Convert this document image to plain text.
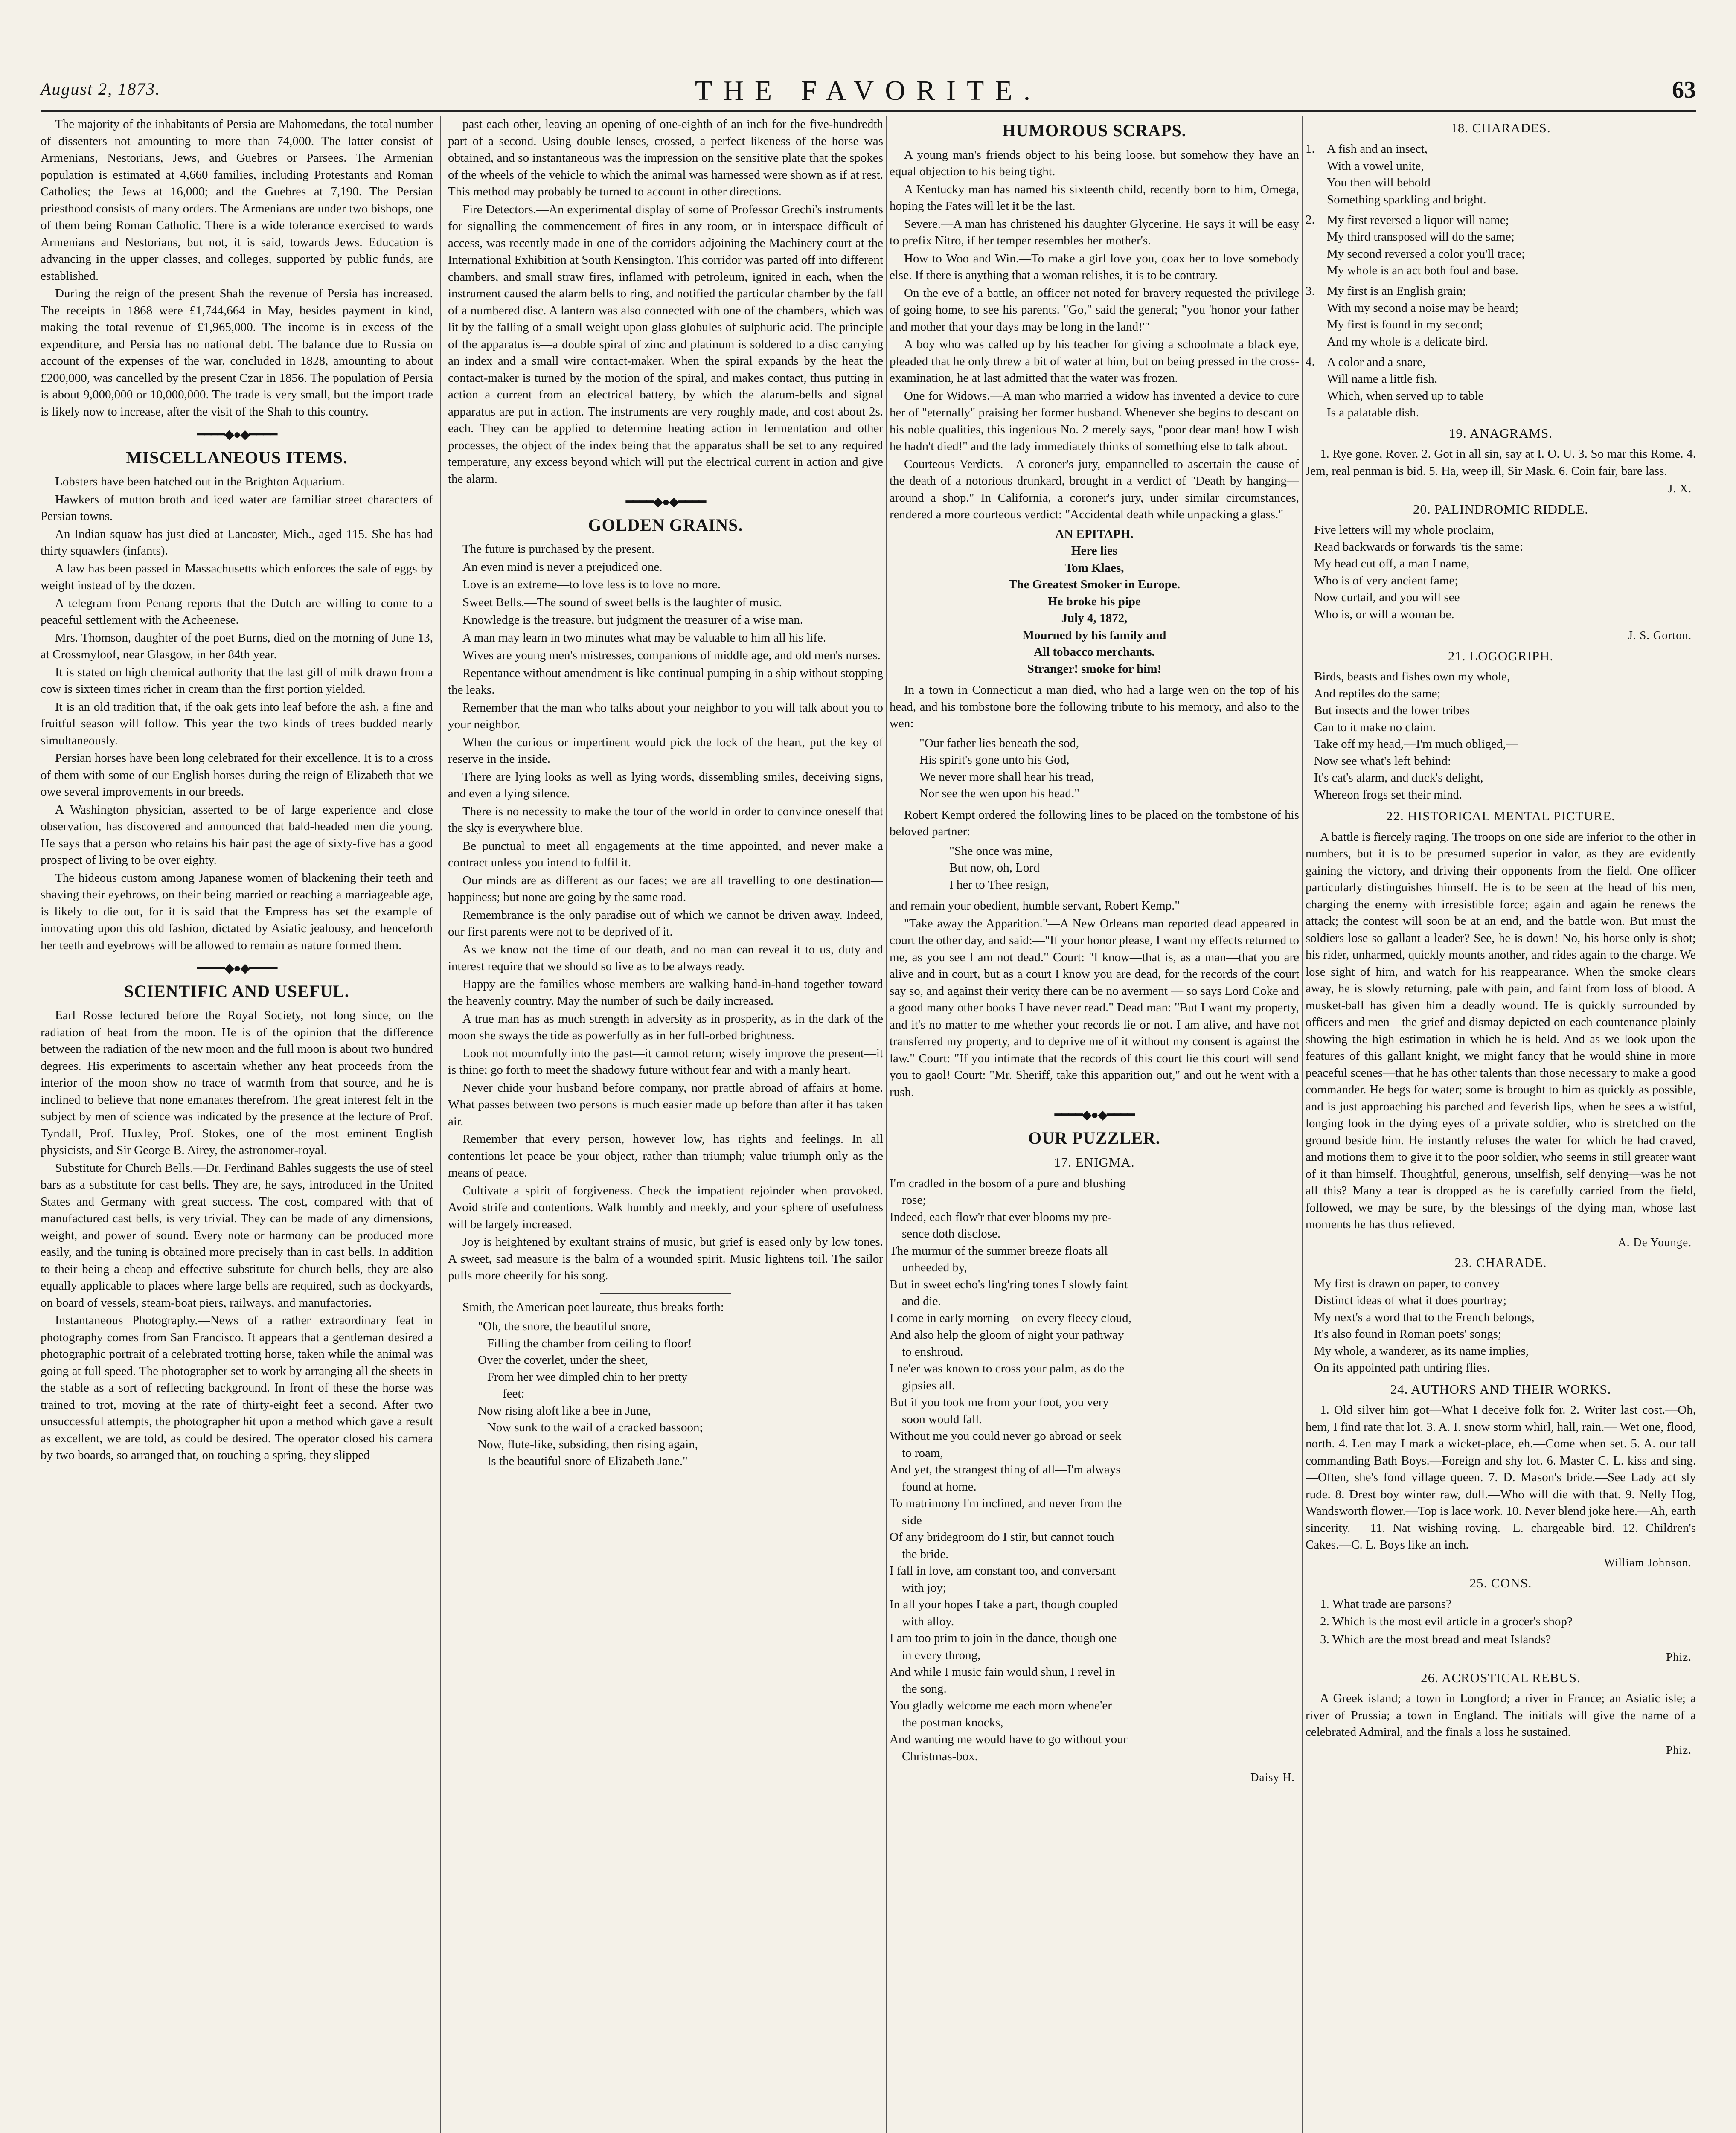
August 2, 1873.	THE FAVORITE.	63

The majority of the inhabitants of Persia are Mahomedans, the total number of dissenters not amounting to more than 74,000. The latter consist of Armenians, Nestorians, Jews, and Guebres or Parsees. The Armenian population is estimated at 4,660 families, including Protestants and Roman Catholics; the Jews at 16,000; and the Guebres at 7,190. The Persian priesthood consists of many orders. The Armenians are under two bishops, one of them being Roman Catholic. There is a wide tolerance exercised to wards Armenians and Nestorians, but not, it is said, towards Jews. Education is advancing in the upper classes, and colleges, supported by public funds, are established.

During the reign of the present Shah the revenue of Persia has increased. The receipts in 1868 were £1,744,664 in May, besides payment in kind, making the total revenue of £1,965,000. The income is in excess of the expenditure, and Persia has no national debt. The balance due to Russia on account of the expenses of the war, concluded in 1828, amounting to about £200,000, was cancelled by the present Czar in 1856. The population of Persia is about 9,000,000 or 10,000,000. The trade is very small, but the import trade is likely now to increase, after the visit of the Shah to this country.

━━━━◆●◆━━━━
MISCELLANEOUS ITEMS.

Lobsters have been hatched out in the Brighton Aquarium.

Hawkers of mutton broth and iced water are familiar street characters of Persian towns.

An Indian squaw has just died at Lancaster, Mich., aged 115. She has had thirty squawlers (infants).

A law has been passed in Massachusetts which enforces the sale of eggs by weight instead of by the dozen.

A telegram from Penang reports that the Dutch are willing to come to a peaceful settlement with the Acheenese.

Mrs. Thomson, daughter of the poet Burns, died on the morning of June 13, at Crossmyloof, near Glasgow, in her 84th year.

It is stated on high chemical authority that the last gill of milk drawn from a cow is sixteen times richer in cream than the first portion yielded.

It is an old tradition that, if the oak gets into leaf before the ash, a fine and fruitful season will follow. This year the two kinds of trees budded nearly simultaneously.

Persian horses have been long celebrated for their excellence. It is to a cross of them with some of our English horses during the reign of Elizabeth that we owe several improvements in our breeds.

A Washington physician, asserted to be of large experience and close observation, has discovered and announced that bald-headed men die young. He says that a person who retains his hair past the age of sixty-five has a good prospect of living to be over eighty.

The hideous custom among Japanese women of blackening their teeth and shaving their eyebrows, on their being married or reaching a marriageable age, is likely to die out, for it is said that the Empress has set the example of innovating upon this old fashion, dictated by Asiatic jealousy, and henceforth her teeth and eyebrows will be allowed to remain as nature formed them.

━━━━◆●◆━━━━
SCIENTIFIC AND USEFUL.

Earl Rosse lectured before the Royal Society, not long since, on the radiation of heat from the moon. He is of the opinion that the difference between the radiation of the new moon and the full moon is about two hundred degrees. His experiments to ascertain whether any heat proceeds from the interior of the moon show no trace of warmth from that source, and he is inclined to believe that none emanates therefrom. The great interest felt in the subject by men of science was indicated by the presence at the lecture of Prof. Tyndall, Prof. Huxley, Prof. Stokes, one of the most eminent English physicists, and Sir George B. Airey, the astronomer-royal.

Substitute for Church Bells.—Dr. Ferdinand Bahles suggests the use of steel bars as a substitute for cast bells. They are, he says, introduced in the United States and Germany with great success. The cost, compared with that of manufactured cast bells, is very trivial. They can be made of any dimensions, weight, and power of sound. Every note or harmony can be produced more easily, and the tuning is obtained more precisely than in cast bells. In addition to their being a cheap and effective substitute for church bells, they are also equally applicable to places where large bells are required, such as dockyards, on board of vessels, steam-boat piers, railways, and manufactories.

Instantaneous Photography.—News of a rather extraordinary feat in photography comes from San Francisco. It appears that a gentleman desired a photographic portrait of a celebrated trotting horse, taken while the animal was going at full speed. The photographer set to work by arranging all the sheets in the stable as a sort of reflecting background. In front of these the horse was trained to trot, moving at the rate of thirty-eight feet a second. After two unsuccessful attempts, the photographer hit upon a method which gave a result as excellent, we are told, as could be desired. The operator closed his camera by two boards, so arranged that, on touching a spring, they slipped

past each other, leaving an opening of one-eighth of an inch for the five-hundredth part of a second. Using double lenses, crossed, a perfect likeness of the horse was obtained, and so instantaneous was the impression on the sensitive plate that the spokes of the wheels of the vehicle to which the animal was harnessed were shown as if at rest. This method may probably be turned to account in other directions.

Fire Detectors.—An experimental display of some of Professor Grechi's instruments for signalling the commencement of fires in any room, or in interspace difficult of access, was recently made in one of the corridors adjoining the Machinery court at the International Exhibition at South Kensington. This corridor was parted off into different chambers, and small straw fires, inflamed with petroleum, ignited in each, when the instrument caused the alarm bells to ring, and notified the particular chamber by the fall of a numbered disc. A lantern was also connected with one of the chambers, which was lit by the falling of a small weight upon glass globules of sulphuric acid. The principle of the apparatus is—a double spiral of zinc and platinum is soldered to a disc carrying an index and a small wire contact-maker. When the spiral expands by the heat the contact-maker is turned by the motion of the spiral, and makes contact, thus putting in action a current from an electrical battery, by which the alarum-bells and signal apparatus are put in action. The instruments are very roughly made, and cost about 2s. each. They can be applied to determine heating action in fermentation and other processes, the object of the index being that the apparatus shall be set to any required temperature, any excess beyond which will put the electrical current in action and give the alarm.

━━━━◆●◆━━━━
GOLDEN GRAINS.

The future is purchased by the present.

An even mind is never a prejudiced one.

Love is an extreme—to love less is to love no more.

Sweet Bells.—The sound of sweet bells is the laughter of music.

Knowledge is the treasure, but judgment the treasurer of a wise man.

A man may learn in two minutes what may be valuable to him all his life.

Wives are young men's mistresses, companions of middle age, and old men's nurses.

Repentance without amendment is like continual pumping in a ship without stopping the leaks.

Remember that the man who talks about your neighbor to you will talk about you to your neighbor.

When the curious or impertinent would pick the lock of the heart, put the key of reserve in the inside.

There are lying looks as well as lying words, dissembling smiles, deceiving signs, and even a lying silence.

There is no necessity to make the tour of the world in order to convince oneself that the sky is everywhere blue.

Be punctual to meet all engagements at the time appointed, and never make a contract unless you intend to fulfil it.

Our minds are as different as our faces; we are all travelling to one destination—happiness; but none are going by the same road.

Remembrance is the only paradise out of which we cannot be driven away. Indeed, our first parents were not to be deprived of it.

As we know not the time of our death, and no man can reveal it to us, duty and interest require that we should so live as to be always ready.

Happy are the families whose members are walking hand-in-hand together toward the heavenly country. May the number of such be daily increased.

A true man has as much strength in adversity as in prosperity, as in the dark of the moon she sways the tide as powerfully as in her full-orbed brightness.

Look not mournfully into the past—it cannot return; wisely improve the present—it is thine; go forth to meet the shadowy future without fear and with a manly heart.

Never chide your husband before company, nor prattle abroad of affairs at home. What passes between two persons is much easier made up before than after it has taken air.

Remember that every person, however low, has rights and feelings. In all contentions let peace be your object, rather than triumph; value triumph only as the means of peace.

Cultivate a spirit of forgiveness. Check the impatient rejoinder when provoked. Avoid strife and contentions. Walk humbly and meekly, and your sphere of usefulness will be largely increased.

Joy is heightened by exultant strains of music, but grief is eased only by low tones. A sweet, sad measure is the balm of a wounded spirit. Music lightens toil. The sailor pulls more cheerily for his song.

Smith, the American poet laureate, thus breaks forth:—

"Oh, the snore, the beautiful snore,
Filling the chamber from ceiling to floor!
Over the coverlet, under the sheet,
From her wee dimpled chin to her pretty
feet:
Now rising aloft like a bee in June,
Now sunk to the wail of a cracked bassoon;
Now, flute-like, subsiding, then rising again,
Is the beautiful snore of Elizabeth Jane."
HUMOROUS SCRAPS.

A young man's friends object to his being loose, but somehow they have an equal objection to his being tight.

A Kentucky man has named his sixteenth child, recently born to him, Omega, hoping the Fates will let it be the last.

Severe.—A man has christened his daughter Glycerine. He says it will be easy to prefix Nitro, if her temper resembles her mother's.

How to Woo and Win.—To make a girl love you, coax her to love somebody else. If there is anything that a woman relishes, it is to be contrary.

On the eve of a battle, an officer not noted for bravery requested the privilege of going home, to see his parents. "Go," said the general; "you 'honor your father and mother that your days may be long in the land!'"

A boy who was called up by his teacher for giving a schoolmate a black eye, pleaded that he only threw a bit of water at him, but on being pressed in the cross-examination, he at last admitted that the water was frozen.

One for Widows.—A man who married a widow has invented a device to cure her of "eternally" praising her former husband. Whenever she begins to descant on his noble qualities, this ingenious No. 2 merely says, "poor dear man! how I wish he hadn't died!" and the lady immediately thinks of something else to talk about.

Courteous Verdicts.—A coroner's jury, empannelled to ascertain the cause of the death of a notorious drunkard, brought in a verdict of "Death by hanging—around a shop." In California, a coroner's jury, under similar circumstances, rendered a more courteous verdict: "Accidental death while unpacking a glass."

AN EPITAPH.
Here lies
Tom Klaes,
The Greatest Smoker in Europe.
He broke his pipe
July 4, 1872,
Mourned by his family and
All tobacco merchants.
Stranger! smoke for him!

In a town in Connecticut a man died, who had a large wen on the top of his head, and his tombstone bore the following tribute to his memory, and also to the wen:

"Our father lies beneath the sod,
His spirit's gone unto his God,
We never more shall hear his tread,
Nor see the wen upon his head."

Robert Kempt ordered the following lines to be placed on the tombstone of his beloved partner:

"She once was mine,
But now, oh, Lord
I her to Thee resign,

and remain your obedient, humble servant, Robert Kemp."

"Take away the Apparition."—A New Orleans man reported dead appeared in court the other day, and said:—"If your honor please, I want my effects returned to me, as you see I am not dead." Court: "I know—that is, as a man—that you are alive and in court, but as a court I know you are dead, for the records of the court say so, and against their verity there can be no averment — so says Lord Coke and a good many other books I have never read." Dead man: "But I want my property, and it's no matter to me whether your records lie or not. I am alive, and have not transferred my property, and to deprive me of it without my consent is against the law." Court: "If you intimate that the records of this court lie this court will send you to gaol! Court: "Mr. Sheriff, take this apparition out," and out he went with a rush.

━━━━◆●◆━━━━
OUR PUZZLER.
17. ENIGMA.
I'm cradled in the bosom of a pure and blushing
rose;
Indeed, each flow'r that ever blooms my pre-
sence doth disclose.
The murmur of the summer breeze floats all
unheeded by,
But in sweet echo's ling'ring tones I slowly faint
and die.
I come in early morning—on every fleecy cloud,
And also help the gloom of night your pathway
to enshroud.
I ne'er was known to cross your palm, as do the
gipsies all.
But if you took me from your foot, you very
soon would fall.
Without me you could never go abroad or seek
to roam,
And yet, the strangest thing of all—I'm always
found at home.
To matrimony I'm inclined, and never from the
side
Of any bridegroom do I stir, but cannot touch
the bride.
I fall in love, am constant too, and conversant
with joy;
In all your hopes I take a part, though coupled
with alloy.
I am too prim to join in the dance, though one
in every throng,
And while I music fain would shun, I revel in
the song.
You gladly welcome me each morn whene'er
the postman knocks,
And wanting me would have to go without your
Christmas-box.
Daisy H.
18. CHARADES.
1. A fish and an insect,
With a vowel unite,
You then will behold
Something sparkling and bright.
2. My first reversed a liquor will name;
My third transposed will do the same;
My second reversed a color you'll trace;
My whole is an act both foul and base.
3. My first is an English grain;
With my second a noise may be heard;
My first is found in my second;
And my whole is a delicate bird.
4. A color and a snare,
Will name a little fish,
Which, when served up to table
Is a palatable dish.
19. ANAGRAMS.

1. Rye gone, Rover. 2. Got in all sin, say at I. O. U. 3. So mar this Rome. 4. Jem, real penman is bid. 5. Ha, weep ill, Sir Mask. 6. Coin fair, bare lass.

J. X.
20. PALINDROMIC RIDDLE.
Five letters will my whole proclaim,
Read backwards or forwards 'tis the same:
My head cut off, a man I name,
Who is of very ancient fame;
Now curtail, and you will see
Who is, or will a woman be.
J. S. Gorton.
21. LOGOGRIPH.
Birds, beasts and fishes own my whole,
And reptiles do the same;
But insects and the lower tribes
Can to it make no claim.
Take off my head,—I'm much obliged,—
Now see what's left behind:
It's cat's alarm, and duck's delight,
Whereon frogs set their mind.
22. HISTORICAL MENTAL PICTURE.

A battle is fiercely raging. The troops on one side are inferior to the other in numbers, but it is to be presumed superior in valor, as they are evidently gaining the victory, and driving their opponents from the field. One officer particularly distinguishes himself. He is to be seen at the head of his men, charging the enemy with irresistible force; again and again he renews the attack; the contest will soon be at an end, and the battle won. But must the soldiers lose so gallant a leader? See, he is down! No, his horse only is shot; his rider, unharmed, quickly mounts another, and rides again to the charge. We lose sight of him, and watch for his reappearance. When the smoke clears away, he is slowly returning, pale with pain, and faint from loss of blood. A musket-ball has given him a deadly wound. He is quickly surrounded by officers and men—the grief and dismay depicted on each countenance plainly showing the high estimation in which he is held. And as we look upon the features of this gallant knight, we might fancy that he would shine in more peaceful scenes—that he has other talents than those necessary to make a good commander. He begs for water; some is brought to him as quickly as possible, and is just approaching his parched and feverish lips, when he sees a wistful, longing look in the dying eyes of a private soldier, who is stretched on the ground beside him. He instantly refuses the water for which he had craved, and motions them to give it to the poor soldier, who seems in still greater want of it than himself. Thoughtful, generous, unselfish, self denying—was he not all this? Many a tear is dropped as he is carefully carried from the field, followed, we may be sure, by the blessings of the dying man, whose last moments he has thus relieved.

A. De Younge.
23. CHARADE.
My first is drawn on paper, to convey
Distinct ideas of what it does pourtray;
My next's a word that to the French belongs,
It's also found in Roman poets' songs;
My whole, a wanderer, as its name implies,
On its appointed path untiring flies.
24. AUTHORS AND THEIR WORKS.

1. Old silver him got—What I deceive folk for. 2. Writer last cost.—Oh, hem, I find rate that lot. 3. A. I. snow storm whirl, hall, rain.— Wet one, flood, north. 4. Len may I mark a wicket-place, eh.—Come when set. 5. A. our tall commanding Bath Boys.—Foreign and shy lot. 6. Master C. L. kiss and sing.—Often, she's fond village queen. 7. D. Mason's bride.—See Lady act sly rude. 8. Drest boy winter raw, dull.—Who will die with that. 9. Nelly Hog, Wandsworth flower.—Top is lace work. 10. Never blend joke here.—Ah, earth sincerity.— 11. Nat wishing roving.—L. chargeable bird. 12. Children's Cakes.—C. L. Boys like an inch.

William Johnson.
25. CONS.

1. What trade are parsons?

2. Which is the most evil article in a grocer's shop?

3. Which are the most bread and meat Islands?

Phiz.
26. ACROSTICAL REBUS.

A Greek island; a town in Longford; a river in France; an Asiatic isle; a river of Prussia; a town in England. The initials will give the name of a celebrated Admiral, and the finals a loss he sustained.

Phiz.
